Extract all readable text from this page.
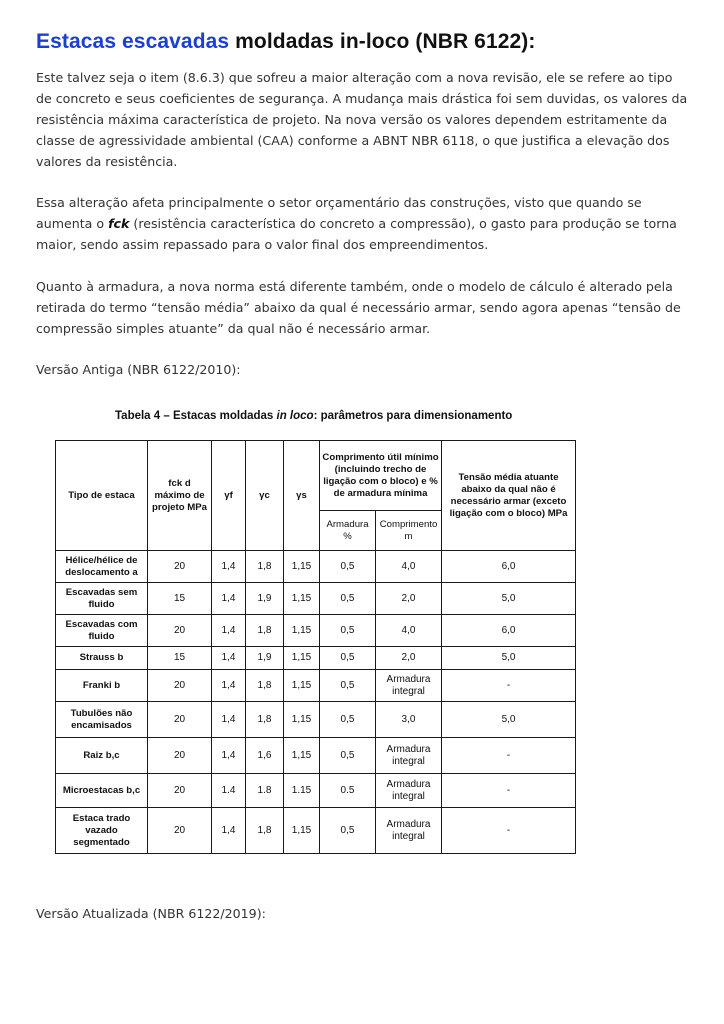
Estacas escavadas moldadas in-loco (NBR 6122):

Este talvez seja o item (8.6.3) que sofreu a maior alteração com a nova revisão, ele se refere ao tipo de concreto e seus coeficientes de segurança. A mudança mais drástica foi sem duvidas, os valores da resistência máxima característica de projeto. Na nova versão os valores dependem estritamente da classe de agressividade ambiental (CAA) conforme a ABNT NBR 6118, o que justifica a elevação dos valores da resistência.

Essa alteração afeta principalmente o setor orçamentário das construções, visto que quando se aumenta o fck (resistência característica do concreto a compressão), o gasto para produção se torna maior, sendo assim repassado para o valor final dos empreendimentos.

Quanto à armadura, a nova norma está diferente também, onde o modelo de cálculo é alterado pela retirada do termo “tensão média” abaixo da qual é necessário armar, sendo agora apenas “tensão de compressão simples atuante” da qual não é necessário armar.

Versão Antiga (NBR 6122/2010):
Versão Atualizada (NBR 6122/2019):
Tabela 4 – Estacas moldadas in loco: parâmetros para dimensionamento
Tipo de estaca	fck d máximo de projeto MPa	γf	γc	γs	Comprimento útil mínimo (incluindo trecho de ligação com o bloco) e % de armadura mínima		Tensão média atuante abaixo da qual não é necessário armar (exceto ligação com o bloco) MPa
					Armadura %	Comprimento m	
Hélice/hélice de deslocamento a	20	1,4	1,8	1,15	0,5	4,0	6,0
Escavadas sem fluido	15	1,4	1,9	1,15	0,5	2,0	5,0
Escavadas com fluido	20	1,4	1,8	1,15	0,5	4,0	6,0
Strauss b	15	1,4	1,9	1,15	0,5	2,0	5,0
Franki b	20	1,4	1,8	1,15	0,5	Armadura integral	-
Tubulões não encamisados	20	1,4	1,8	1,15	0,5	3,0	5,0
Raiz b,c	20	1,4	1,6	1,15	0,5	Armadura integral	-
Microestacas b,c	20	1.4	1.8	1.15	0.5	Armadura integral	-
Estaca trado vazado segmentado	20	1,4	1,8	1,15	0,5	Armadura integral	-
